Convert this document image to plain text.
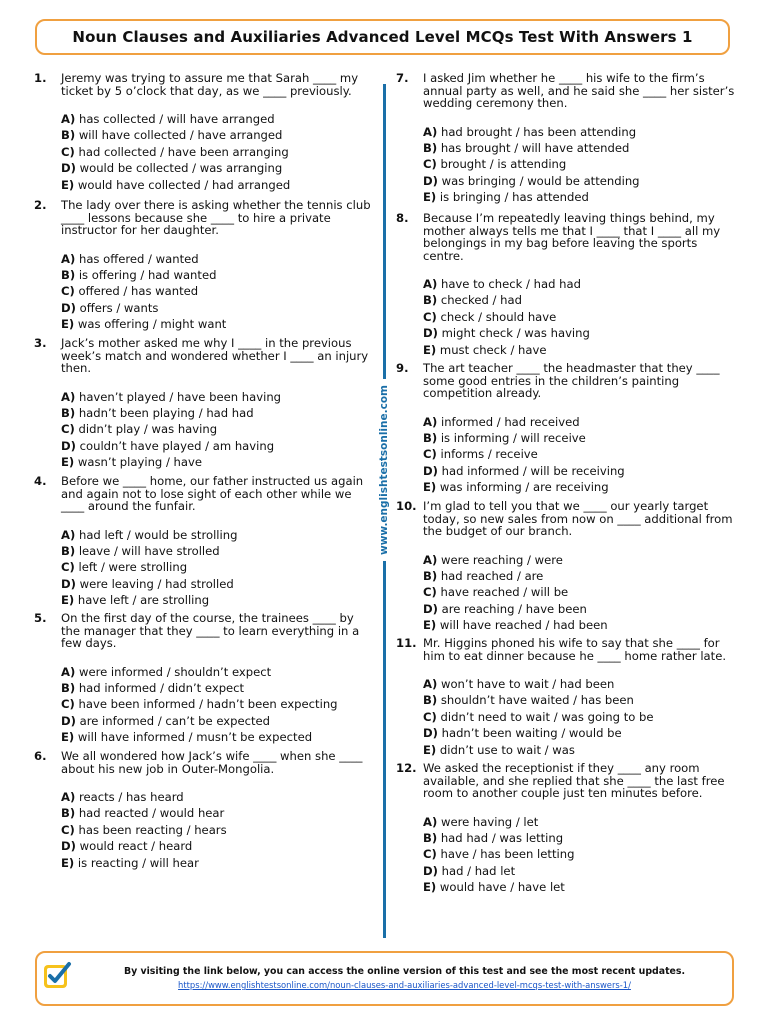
Noun Clauses and Auxiliaries Advanced Level MCQs Test With Answers 1
1. Jeremy was trying to assure me that Sarah ____ my ticket by 5 o’clock that day, as we ____ previously.
A) has collected / will have arranged
B) will have collected / have arranged
C) had collected / have been arranging
D) would be collected / was arranging
E) would have collected / had arranged
2. The lady over there is asking whether the tennis club ____ lessons because she ____ to hire a private instructor for her daughter.
A) has offered / wanted
B) is offering / had wanted
C) offered / has wanted
D) offers / wants
E) was offering / might want
3. Jack’s mother asked me why I ____ in the previous week’s match and wondered whether I ____ an injury then.
A) haven’t played / have been having
B) hadn’t been playing / had had
C) didn’t play / was having
D) couldn’t have played / am having
E) wasn’t playing / have
4. Before we ____ home, our father instructed us again and again not to lose sight of each other while we ____ around the funfair.
A) had left / would be strolling
B) leave / will have strolled
C) left / were strolling
D) were leaving / had strolled
E) have left / are strolling
5. On the first day of the course, the trainees ____ by the manager that they ____ to learn everything in a few days.
A) were informed / shouldn’t expect
B) had informed / didn’t expect
C) have been informed / hadn’t been expecting
D) are informed / can’t be expected
E) will have informed / musn’t be expected
6. We all wondered how Jack’s wife ____ when she ____ about his new job in Outer-Mongolia.
A) reacts / has heard
B) had reacted / would hear
C) has been reacting / hears
D) would react / heard
E) is reacting / will hear
7. I asked Jim whether he ____ his wife to the firm’s annual party as well, and he said she ____ her sister’s wedding ceremony then.
A) had brought / has been attending
B) has brought / will have attended
C) brought / is attending
D) was bringing / would be attending
E) is bringing / has attended
8. Because I’m repeatedly leaving things behind, my mother always tells me that I ____ that I ____ all my belongings in my bag before leaving the sports centre.
A) have to check / had had
B) checked / had
C) check / should have
D) might check / was having
E) must check / have
9. The art teacher ____ the headmaster that they ____ some good entries in the children’s painting competition already.
A) informed / had received
B) is informing / will receive
C) informs / receive
D) had informed / will be receiving
E) was informing / are receiving
10. I’m glad to tell you that we ____ our yearly target today, so new sales from now on ____ additional from the budget of our branch.
A) were reaching / were
B) had reached / are
C) have reached / will be
D) are reaching / have been
E) will have reached / had been
11. Mr. Higgins phoned his wife to say that she ____ for him to eat dinner because he ____ home rather late.
A) won’t have to wait / had been
B) shouldn’t have waited / has been
C) didn’t need to wait / was going to be
D) hadn’t been waiting / would be
E) didn’t use to wait / was
12. We asked the receptionist if they ____ any room available, and she replied that she ____ the last free room to another couple just ten minutes before.
A) were having / let
B) had had / was letting
C) have / has been letting
D) had / had let
E) would have / have let
www.englishtestsonline.com
By visiting the link below, you can access the online version of this test and see the most recent updates.
https://www.englishtestsonline.com/noun-clauses-and-auxiliaries-advanced-level-mcqs-test-with-answers-1/
